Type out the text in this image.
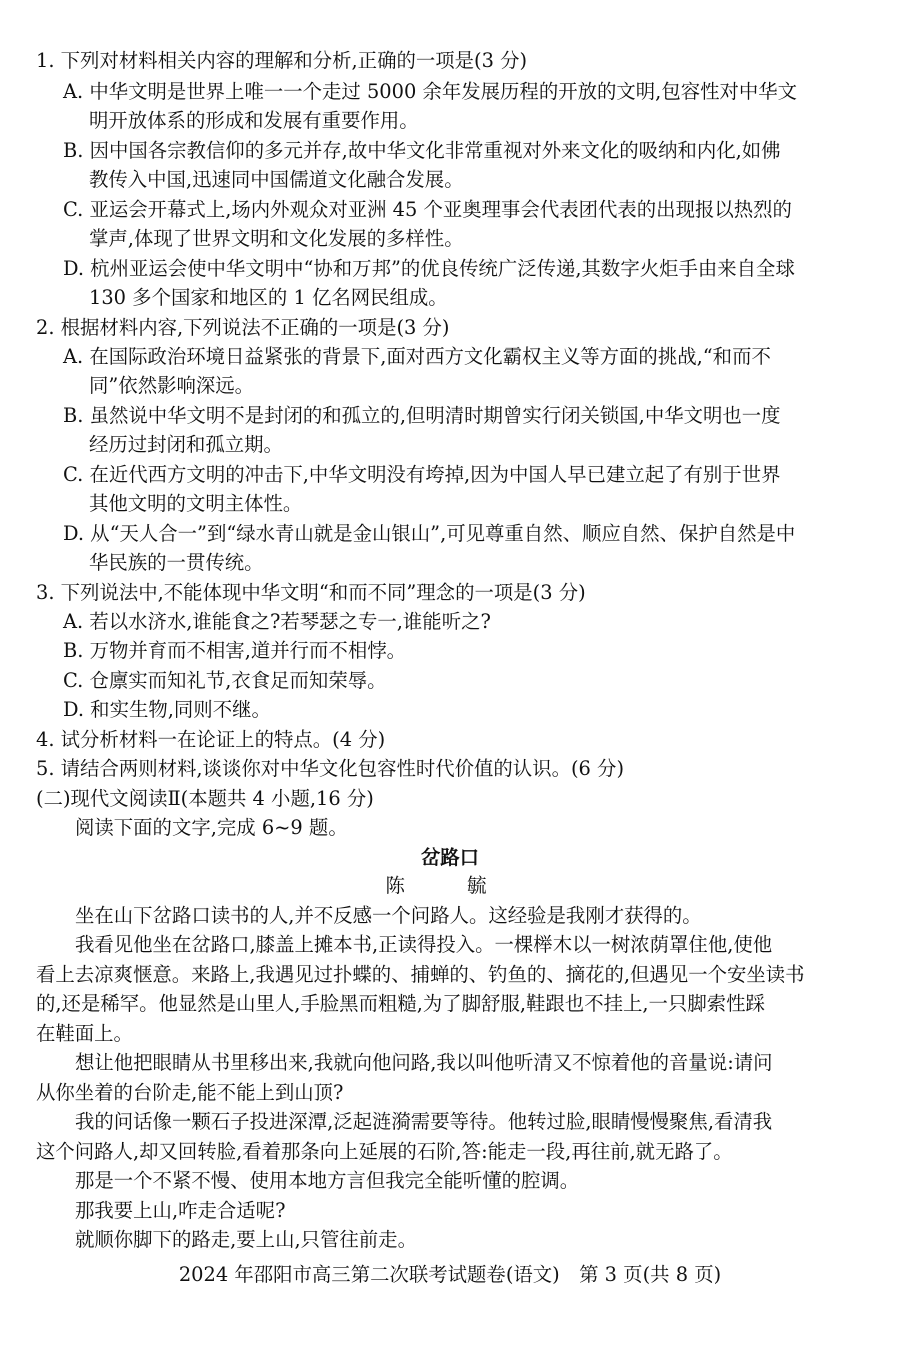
1. 下列对材料相关内容的理解和分析,正确的一项是(3 分)
A. 中华文明是世界上唯一一个走过 5000 余年发展历程的开放的文明,包容性对中华文
明开放体系的形成和发展有重要作用。
B. 因中国各宗教信仰的多元并存,故中华文化非常重视对外来文化的吸纳和内化,如佛
教传入中国,迅速同中国儒道文化融合发展。
C. 亚运会开幕式上,场内外观众对亚洲 45 个亚奥理事会代表团代表的出现报以热烈的
掌声,体现了世界文明和文化发展的多样性。
D. 杭州亚运会使中华文明中“协和万邦”的优良传统广泛传递,其数字火炬手由来自全球
130 多个国家和地区的 1 亿名网民组成。
2. 根据材料内容,下列说法不正确的一项是(3 分)
A. 在国际政治环境日益紧张的背景下,面对西方文化霸权主义等方面的挑战,“和而不
同”依然影响深远。
B. 虽然说中华文明不是封闭的和孤立的,但明清时期曾实行闭关锁国,中华文明也一度
经历过封闭和孤立期。
C. 在近代西方文明的冲击下,中华文明没有垮掉,因为中国人早已建立起了有别于世界
其他文明的文明主体性。
D. 从“天人合一”到“绿水青山就是金山银山”,可见尊重自然、顺应自然、保护自然是中
华民族的一贯传统。
3. 下列说法中,不能体现中华文明“和而不同”理念的一项是(3 分)
A. 若以水济水,谁能食之?若琴瑟之专一,谁能听之?
B. 万物并育而不相害,道并行而不相悖。
C. 仓廪实而知礼节,衣食足而知荣辱。
D. 和实生物,同则不继。
4. 试分析材料一在论证上的特点。(4 分)
5. 请结合两则材料,谈谈你对中华文化包容性时代价值的认识。(6 分)
(二)现代文阅读Ⅱ(本题共 4 小题,16 分)
阅读下面的文字,完成 6~9 题。
岔路口
陈 毓
坐在山下岔路口读书的人,并不反感一个问路人。这经验是我刚才获得的。
我看见他坐在岔路口,膝盖上摊本书,正读得投入。一棵榉木以一树浓荫罩住他,使他
看上去凉爽惬意。来路上,我遇见过扑蝶的、捕蝉的、钓鱼的、摘花的,但遇见一个安坐读书
的,还是稀罕。他显然是山里人,手脸黑而粗糙,为了脚舒服,鞋跟也不挂上,一只脚索性踩
在鞋面上。
想让他把眼睛从书里移出来,我就向他问路,我以叫他听清又不惊着他的音量说:请问
从你坐着的台阶走,能不能上到山顶?
我的问话像一颗石子投进深潭,泛起涟漪需要等待。他转过脸,眼睛慢慢聚焦,看清我
这个问路人,却又回转脸,看着那条向上延展的石阶,答:能走一段,再往前,就无路了。
那是一个不紧不慢、使用本地方言但我完全能听懂的腔调。
那我要上山,咋走合适呢?
就顺你脚下的路走,要上山,只管往前走。
2024 年邵阳市高三第二次联考试题卷(语文)　第 3 页(共 8 页)
